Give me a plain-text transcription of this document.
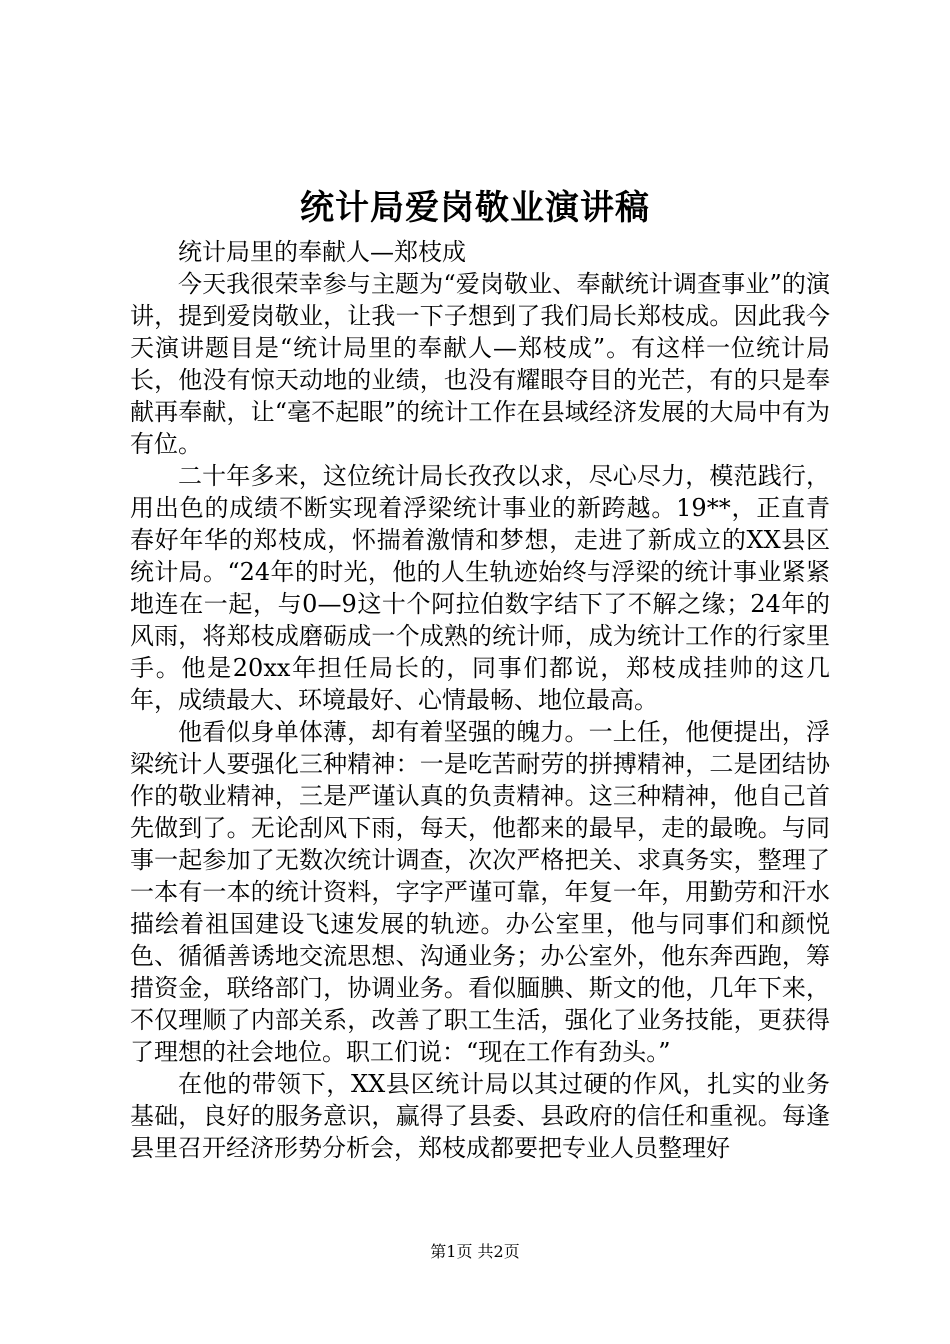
统计局爱岗敬业演讲稿

统计局里的奉献人—郑枝成

今天我很荣幸参与主题为“爱岗敬业、奉献统计调查事业”的演讲，提到爱岗敬业，让我一下子想到了我们局长郑枝成。因此我今天演讲题目是“统计局里的奉献人—郑枝成”。有这样一位统计局长，他没有惊天动地的业绩，也没有耀眼夺目的光芒，有的只是奉献再奉献，让“毫不起眼”的统计工作在县域经济发展的大局中有为有位。

二十年多来，这位统计局长孜孜以求，尽心尽力，模范践行，用出色的成绩不断实现着浮梁统计事业的新跨越。19**，正直青春好年华的郑枝成，怀揣着激情和梦想，走进了新成立的XX县区统计局。“24年的时光，他的人生轨迹始终与浮梁的统计事业紧紧地连在一起，与0—9这十个阿拉伯数字结下了不解之缘；24年的风雨，将郑枝成磨砺成一个成熟的统计师，成为统计工作的行家里手。他是20xx年担任局长的，同事们都说，郑枝成挂帅的这几年，成绩最大、环境最好、心情最畅、地位最高。

他看似身单体薄，却有着坚强的魄力。一上任，他便提出，浮梁统计人要强化三种精神：一是吃苦耐劳的拼搏精神，二是团结协作的敬业精神，三是严谨认真的负责精神。这三种精神，他自己首先做到了。无论刮风下雨，每天，他都来的最早，走的最晚。与同事一起参加了无数次统计调查，次次严格把关、求真务实，整理了一本有一本的统计资料，字字严谨可靠，年复一年，用勤劳和汗水描绘着祖国建设飞速发展的轨迹。办公室里，他与同事们和颜悦色、循循善诱地交流思想、沟通业务；办公室外，他东奔西跑，筹措资金，联络部门，协调业务。看似腼腆、斯文的他，几年下来，不仅理顺了内部关系，改善了职工生活，强化了业务技能，更获得了理想的社会地位。职工们说：“现在工作有劲头。”

在他的带领下，XX县区统计局以其过硬的作风，扎实的业务基础，良好的服务意识，赢得了县委、县政府的信任和重视。每逢县里召开经济形势分析会，郑枝成都要把专业人员整理好

第1页 共2页
